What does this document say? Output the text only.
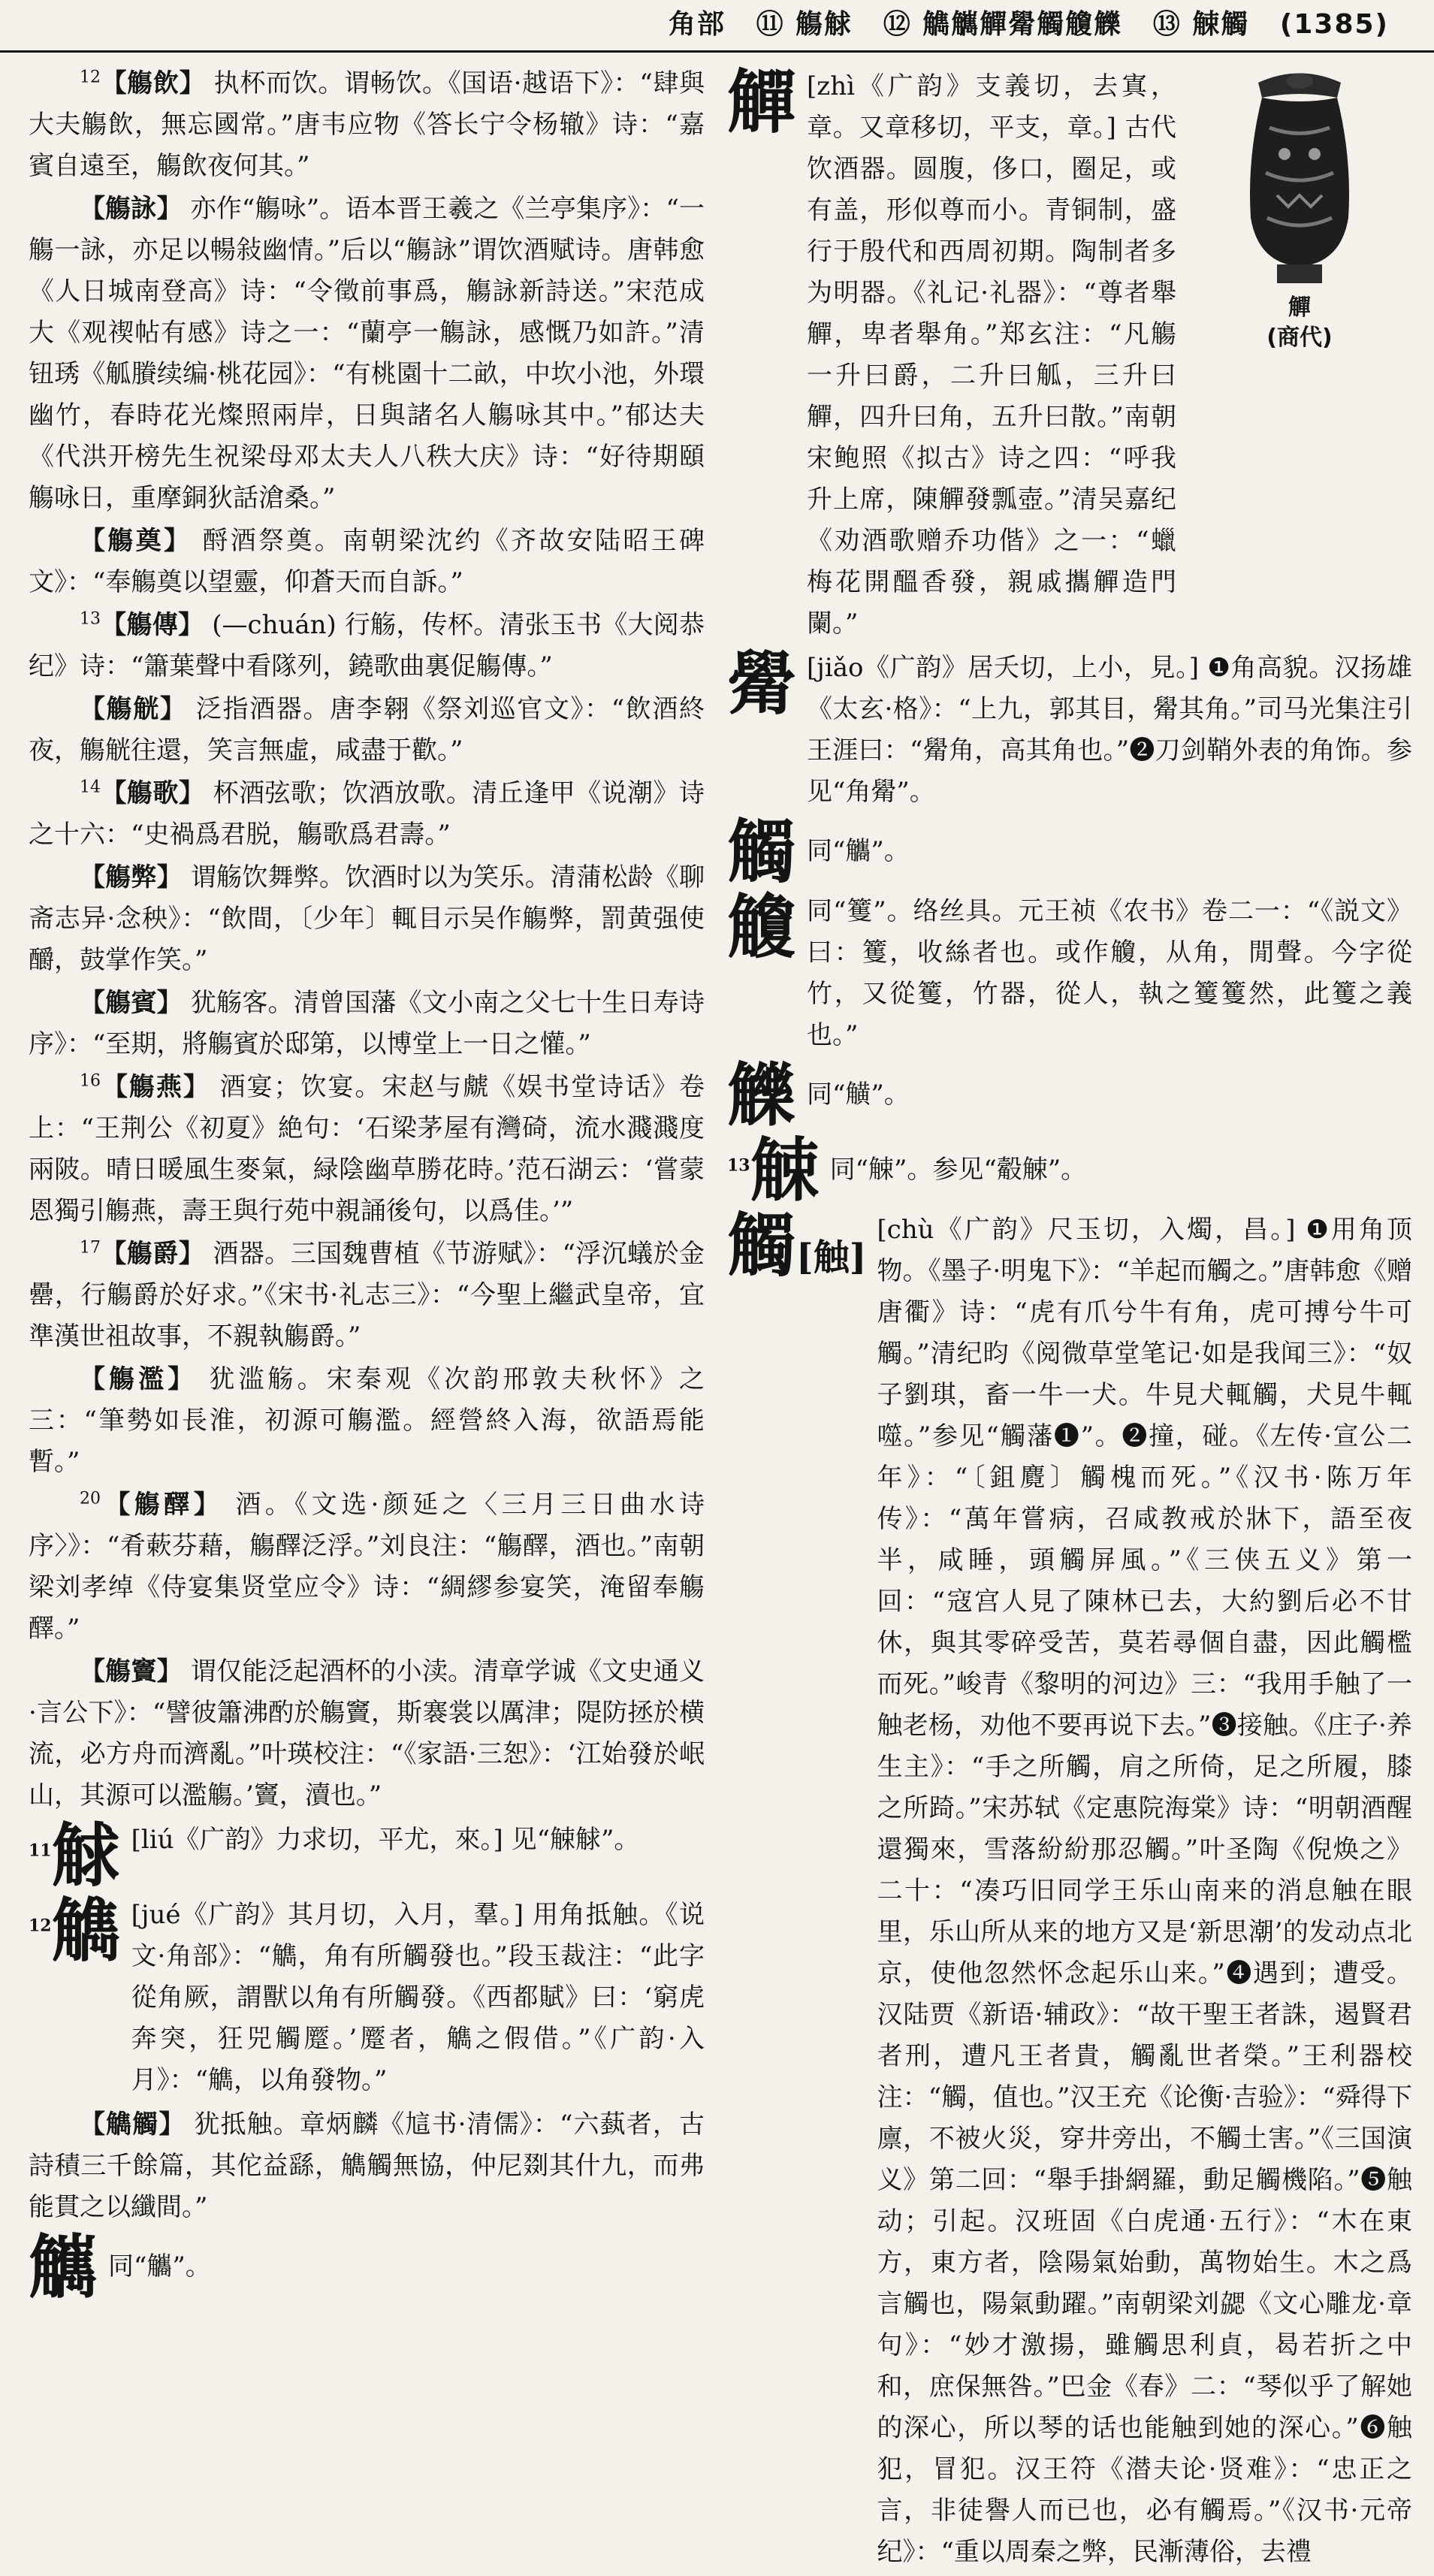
角部 ⑪ 觴觩 ⑫ 觹觽觶觷觸觼觻 ⑬ 觫觸 (1385)

$^{12}$【觴飲】 执杯而饮。谓畅饮。《国语·越语下》：“肆與大夫觴飲，無忘國常。”唐韦应物《答长宁令杨辙》诗：“嘉賓自遠至，觴飲夜何其。”

【觴詠】 亦作“觴咏”。语本晋王羲之《兰亭集序》：“一觴一詠，亦足以暢敍幽情。”后以“觴詠”谓饮酒赋诗。唐韩愈《人日城南登高》诗：“令徵前事爲，觴詠新詩送。”宋范成大《观禊帖有感》诗之一：“蘭亭一觴詠，感慨乃如許。”清钮琇《觚賸续编·桃花园》：“有桃園十二畝，中坎小池，外環幽竹，春時花光燦照兩岸，日與諸名人觴咏其中。”郁达夫《代洪开榜先生祝梁母邓太夫人八秩大庆》诗：“好待期頤觴咏日，重摩銅狄話滄桑。”

【觴奠】 酹酒祭奠。南朝梁沈约《齐故安陆昭王碑文》：“奉觴奠以望靈，仰蒼天而自訴。”

$^{13}$【觴傳】 (—chuán) 行觞，传杯。清张玉书《大阅恭纪》诗：“簫葉聲中看隊列，鐃歌曲裏促觴傳。”

【觴觥】 泛指酒器。唐李翱《祭刘巡官文》：“飲酒終夜，觴觥往還，笑言無虛，咸盡于歡。”

$^{14}$【觴歌】 杯酒弦歌；饮酒放歌。清丘逢甲《说潮》诗之十六：“史禍爲君脱，觴歌爲君壽。”

【觴弊】 谓觞饮舞弊。饮酒时以为笑乐。清蒲松龄《聊斋志异·念秧》：“飲間，〔少年〕輒目示吴作觴弊，罰黄强使釂，鼓掌作笑。”

【觴賓】 犹觞客。清曾国藩《文小南之父七十生日寿诗序》：“至期，將觴賓於邸第，以博堂上一日之懽。”

$^{16}$【觴燕】 酒宴；饮宴。宋赵与虤《娱书堂诗话》卷上：“王荆公《初夏》絶句：‘石梁茅屋有灣碕，流水濺濺度兩陂。晴日暖風生麥氣，緑陰幽草勝花時。’范石湖云：‘嘗蒙恩獨引觴燕，壽王與行苑中親誦後句，以爲佳。’”

$^{17}$【觴爵】 酒器。三国魏曹植《节游赋》：“浮沉蟻於金罍，行觴爵於好求。”《宋书·礼志三》：“今聖上繼武皇帝，宜準漢世祖故事，不親執觴爵。”

【觴濫】 犹滥觞。宋秦观《次韵邢敦夫秋怀》之三：“筆勢如長淮，初源可觴濫。經營終入海，欲語焉能暫。”

$^{20}$【觴醳】 酒。《文选·颜延之〈三月三日曲水诗序〉》：“肴蔌芬藉，觴醳泛浮。”刘良注：“觴醳，酒也。”南朝梁刘孝绰《侍宴集贤堂应令》诗：“綢繆参宴笑，淹留奉觴醳。”

【觴竇】 谓仅能泛起酒杯的小渎。清章学诚《文史通义·言公下》：“譬彼簫沸酌於觴竇，斯褰裳以厲津；隄防拯於横流，必方舟而濟亂。”叶瑛校注：“《家語·三恕》：‘江始發於岷山，其源可以濫觴。’竇，瀆也。”

$^{11}$觩 [liú《广韵》力求切，平尤，來。] 见“觫觩”。
$^{12}$觹 [jué《广韵》其月切，入月，羣。] 用角抵触。《说文·角部》：“觹，角有所觸發也。”段玉裁注：“此字從角厥，謂獸以角有所觸發。《西都賦》曰：‘窮虎奔突，狂兕觸蹷。’蹷者，觹之假借。”《广韵·入月》：“觹，以角發物。”

【觹觸】 犹抵触。章炳麟《訄书·清儒》：“六蓺者，古詩積三千餘篇，其佗益繇，觹觸無協，仲尼剟其什九，而弗能貫之以纖間。”

觽 同“觿”。
觶
(商代)
觶 [zhì《广韵》支義切，去寘，章。又章移切，平支，章。] 古代饮酒器。圆腹，侈口，圈足，或有盖，形似尊而小。青铜制，盛行于殷代和西周初期。陶制者多为明器。《礼记·礼器》：“尊者舉觶，卑者舉角。”郑玄注：“凡觴一升曰爵，二升曰觚，三升曰觶，四升曰角，五升曰散。”南朝宋鲍照《拟古》诗之四：“呼我升上席，陳觶發瓢壺。”清吴嘉纪《劝酒歌赠乔功偕》之一：“蠟梅花開醞香發，親戚攜觶造門闌。”
觷 [jiǎo《广韵》居夭切，上小，見。] ❶角高貌。汉扬雄《太玄·格》：“上九，郭其目，觷其角。”司马光集注引王涯曰：“觷角，高其角也。”❷刀剑鞘外表的角饰。参见“角觷”。
觸 同“觿”。
觼 同“籆”。络丝具。元王祯《农书》卷二一：“《説文》曰：籆，收絲者也。或作觼，从角，閒聲。今字從竹，又從籆，竹器，從人，執之籆籆然，此籆之義也。”
觻 同“觵”。
$^{13}$觫 同“觫”。参见“觳觫”。
觸[触]
[chù《广韵》尺玉切，入燭，昌。] ❶用角顶物。《墨子·明鬼下》：“羊起而觸之。”唐韩愈《赠唐衢》诗：“虎有爪兮牛有角，虎可搏兮牛可觸。”清纪昀《阅微草堂笔记·如是我闻三》：“奴子劉琪，畜一牛一犬。牛見犬輒觸，犬見牛輒噬。”参见“觸藩❶”。❷撞，碰。《左传·宣公二年》：“〔鉏麑〕觸槐而死。”《汉书·陈万年传》：“萬年嘗病，召咸教戒於牀下，語至夜半，咸睡，頭觸屏風。”《三侠五义》第一回：“寇宫人見了陳林已去，大約劉后必不甘休，與其零碎受苦，莫若尋個自盡，因此觸檻而死。”峻青《黎明的河边》三：“我用手触了一触老杨，劝他不要再说下去。”❸接触。《庄子·养生主》：“手之所觸，肩之所倚，足之所履，膝之所踦。”宋苏轼《定惠院海棠》诗：“明朝酒醒還獨來，雪落紛紛那忍觸。”叶圣陶《倪焕之》二十：“凑巧旧同学王乐山南来的消息触在眼里，乐山所从来的地方又是‘新思潮’的发动点北京，使他忽然怀念起乐山来。”❹遇到；遭受。汉陆贾《新语·辅政》：“故干聖王者誅，遏賢君者刑，遭凡王者貴，觸亂世者榮。”王利器校注：“觸，值也。”汉王充《论衡·吉验》：“舜得下廪，不被火災，穿井旁出，不觸土害。”《三国演义》第二回：“舉手掛網羅，動足觸機陷。”❺触动；引起。汉班固《白虎通·五行》：“木在東方，東方者，陰陽氣始動，萬物始生。木之爲言觸也，陽氣動躍。”南朝梁刘勰《文心雕龙·章句》：“妙才激揚，雖觸思利貞，曷若折之中和，庶保無咎。”巴金《春》二：“琴似乎了解她的深心，所以琴的话也能触到她的深心。”❻触犯，冒犯。汉王符《潜夫论·贤难》：“忠正之言，非徒譽人而已也，必有觸焉。”《汉书·元帝纪》：“重以周秦之弊，民漸薄俗，去禮
